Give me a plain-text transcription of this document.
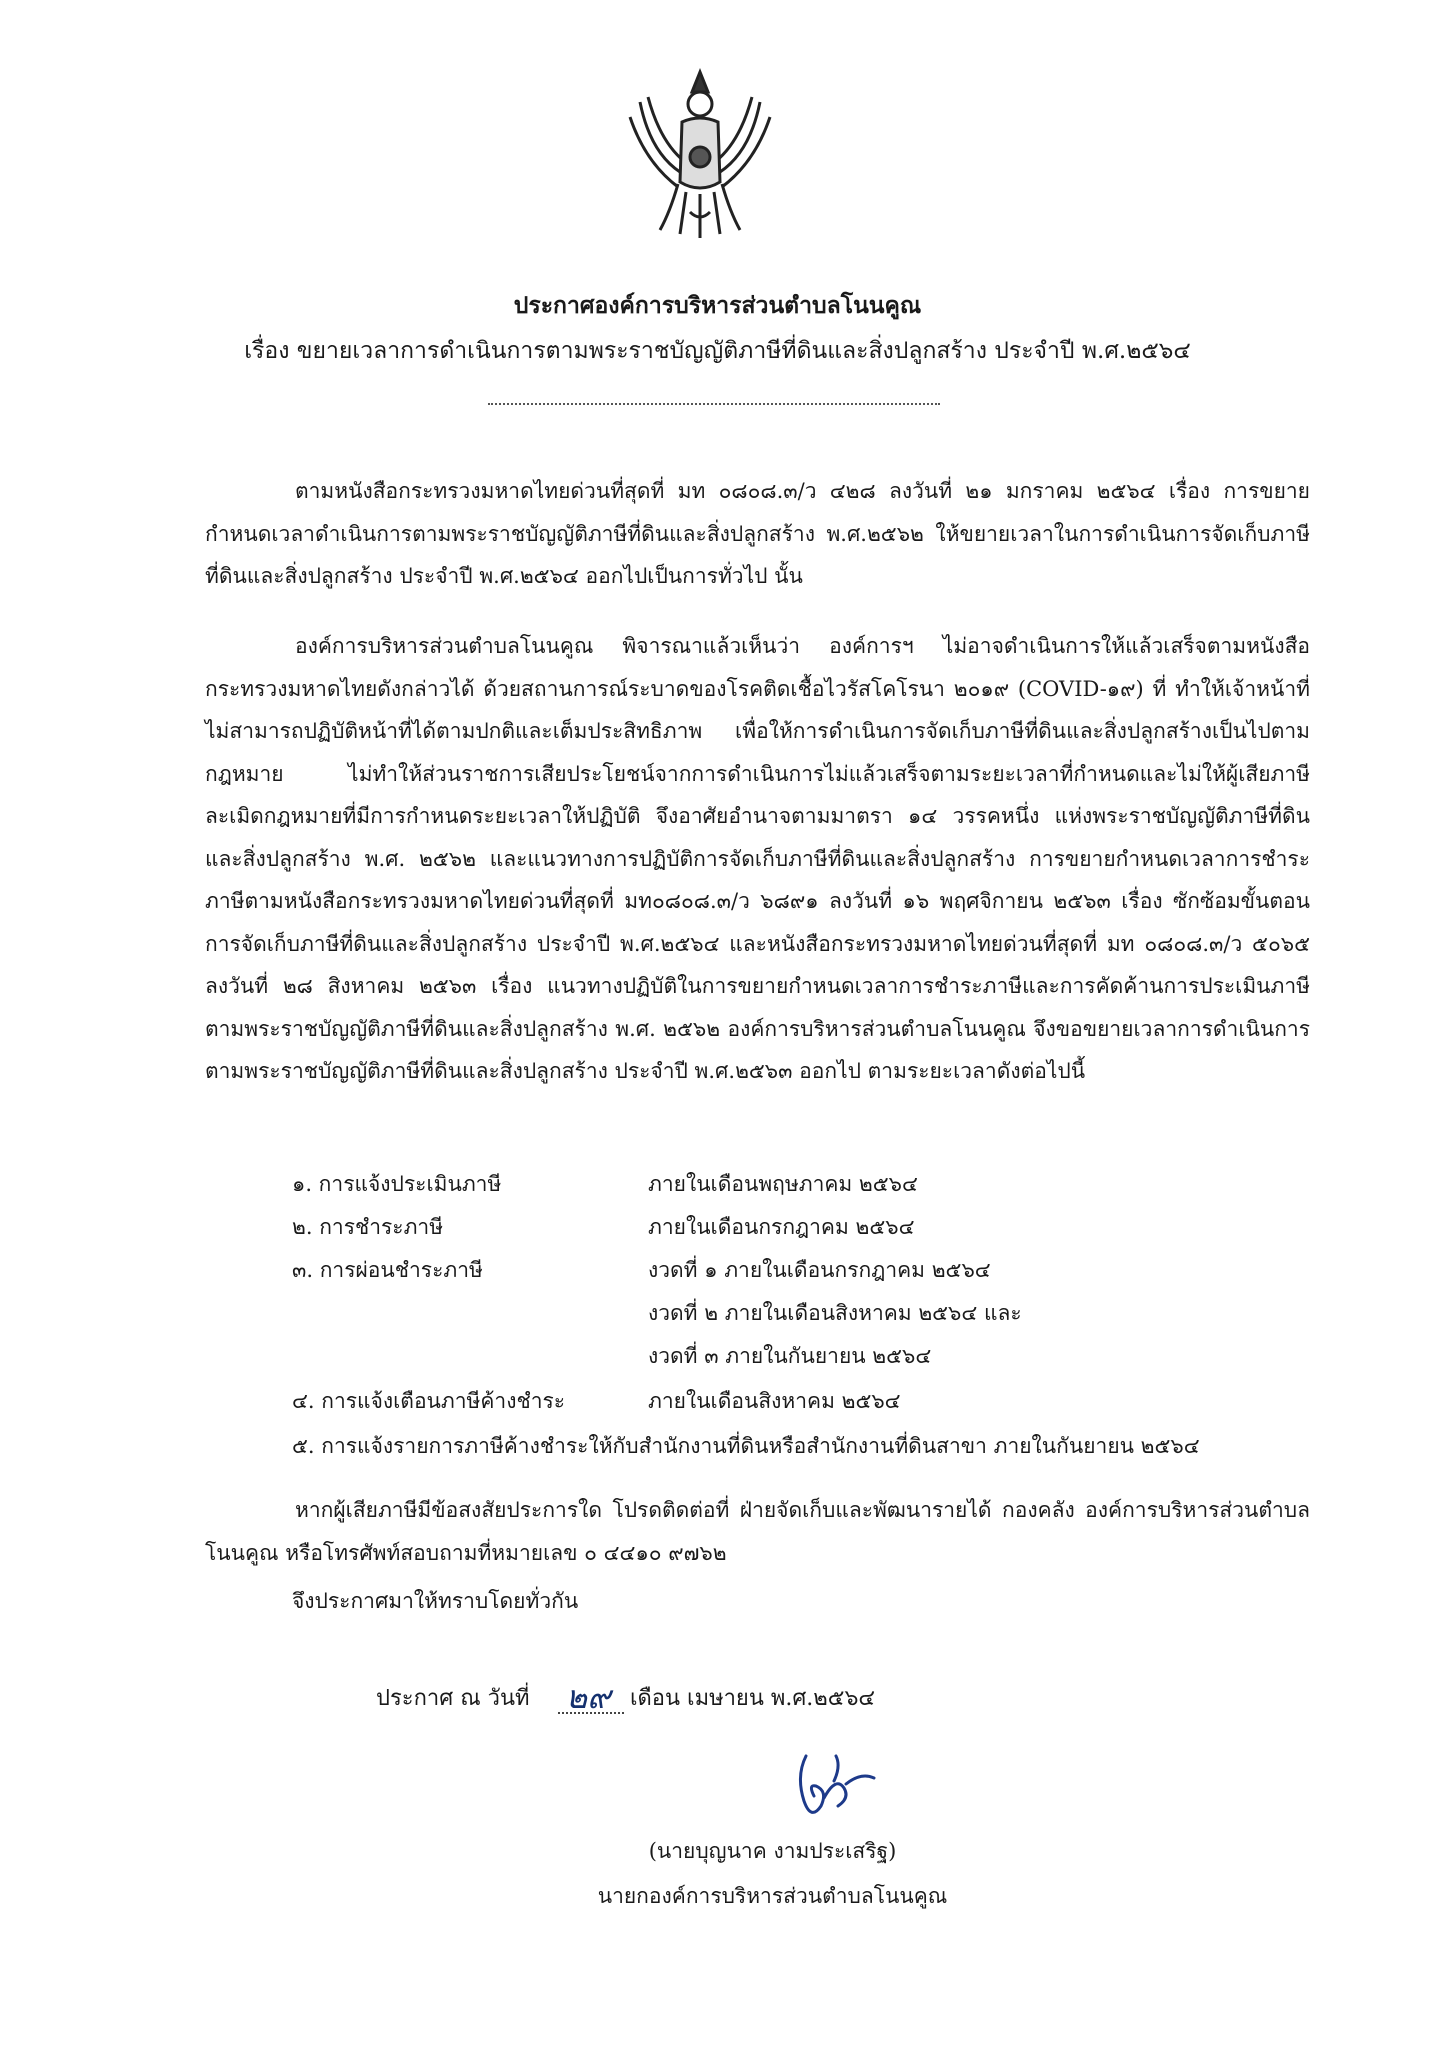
ประกาศองค์การบริหารส่วนตำบลโนนคูณ
เรื่อง ขยายเวลาการดำเนินการตามพระราชบัญญัติภาษีที่ดินและสิ่งปลูกสร้าง ประจำปี พ.ศ.๒๕๖๔

ตามหนังสือกระทรวงมหาดไทยด่วนที่สุดที่ มท ๐๘๐๘.๓/ว ๔๒๘ ลงวันที่ ๒๑ มกราคม ๒๕๖๔ เรื่อง การขยายกำหนดเวลาดำเนินการตามพระราชบัญญัติภาษีที่ดินและสิ่งปลูกสร้าง พ.ศ.๒๕๖๒ ให้ขยายเวลาในการดำเนินการจัดเก็บภาษีที่ดินและสิ่งปลูกสร้าง ประจำปี พ.ศ.๒๕๖๔ ออกไปเป็นการทั่วไป นั้น

องค์การบริหารส่วนตำบลโนนคูณ พิจารณาแล้วเห็นว่า องค์การฯ ไม่อาจดำเนินการให้แล้วเสร็จตามหนังสือกระทรวงมหาดไทยดังกล่าวได้ ด้วยสถานการณ์ระบาดของโรคติดเชื้อไวรัสโคโรนา ๒๐๑๙ (COVID-๑๙) ที่ ทำให้เจ้าหน้าที่ไม่สามารถปฏิบัติหน้าที่ได้ตามปกติและเต็มประสิทธิภาพ เพื่อให้การดำเนินการจัดเก็บภาษีที่ดินและสิ่งปลูกสร้างเป็นไปตามกฎหมาย ไม่ทำให้ส่วนราชการเสียประโยชน์จากการดำเนินการไม่แล้วเสร็จตามระยะเวลาที่กำหนดและไม่ให้ผู้เสียภาษีละเมิดกฎหมายที่มีการกำหนดระยะเวลาให้ปฏิบัติ จึงอาศัยอำนาจตามมาตรา ๑๔ วรรคหนึ่ง แห่งพระราชบัญญัติภาษีที่ดินและสิ่งปลูกสร้าง พ.ศ. ๒๕๖๒ และแนวทางการปฏิบัติการจัดเก็บภาษีที่ดินและสิ่งปลูกสร้าง การขยายกำหนดเวลาการชำระภาษีตามหนังสือกระทรวงมหาดไทยด่วนที่สุดที่ มท๐๘๐๘.๓/ว ๖๘๙๑ ลงวันที่ ๑๖ พฤศจิกายน ๒๕๖๓ เรื่อง ซักซ้อมขั้นตอนการจัดเก็บภาษีที่ดินและสิ่งปลูกสร้าง ประจำปี พ.ศ.๒๕๖๔ และหนังสือกระทรวงมหาดไทยด่วนที่สุดที่ มท ๐๘๐๘.๓/ว ๕๐๖๕ ลงวันที่ ๒๘ สิงหาคม ๒๕๖๓ เรื่อง แนวทางปฏิบัติในการขยายกำหนดเวลาการชำระภาษีและการคัดค้านการประเมินภาษีตามพระราชบัญญัติภาษีที่ดินและสิ่งปลูกสร้าง พ.ศ. ๒๕๖๒ องค์การบริหารส่วนตำบลโนนคูณ จึงขอขยายเวลาการดำเนินการตามพระราชบัญญัติภาษีที่ดินและสิ่งปลูกสร้าง ประจำปี พ.ศ.๒๕๖๓ ออกไป ตามระยะเวลาดังต่อไปนี้

๑. การแจ้งประเมินภาษี	ภายในเดือนพฤษภาคม ๒๕๖๔
๒. การชำระภาษี	ภายในเดือนกรกฎาคม ๒๕๖๔
๓. การผ่อนชำระภาษี	งวดที่ ๑ ภายในเดือนกรกฎาคม ๒๕๖๔
งวดที่ ๒ ภายในเดือนสิงหาคม ๒๕๖๔ และ
งวดที่ ๓ ภายในกันยายน ๒๕๖๔
๔. การแจ้งเตือนภาษีค้างชำระ	ภายในเดือนสิงหาคม ๒๕๖๔
๕. การแจ้งรายการภาษีค้างชำระให้กับสำนักงานที่ดินหรือสำนักงานที่ดินสาขา ภายในกันยายน ๒๕๖๔

หากผู้เสียภาษีมีข้อสงสัยประการใด โปรดติดต่อที่ ฝ่ายจัดเก็บและพัฒนารายได้ กองคลัง องค์การบริหารส่วนตำบลโนนคูณ หรือโทรศัพท์สอบถามที่หมายเลข ๐ ๔๔๑๐ ๙๗๖๒

จึงประกาศมาให้ทราบโดยทั่วกัน
ประกาศ ณ วันที่ ๒๙ เดือน เมษายน พ.ศ.๒๕๖๔
(นายบุญนาค งามประเสริฐ)
นายกองค์การบริหารส่วนตำบลโนนคูณ
